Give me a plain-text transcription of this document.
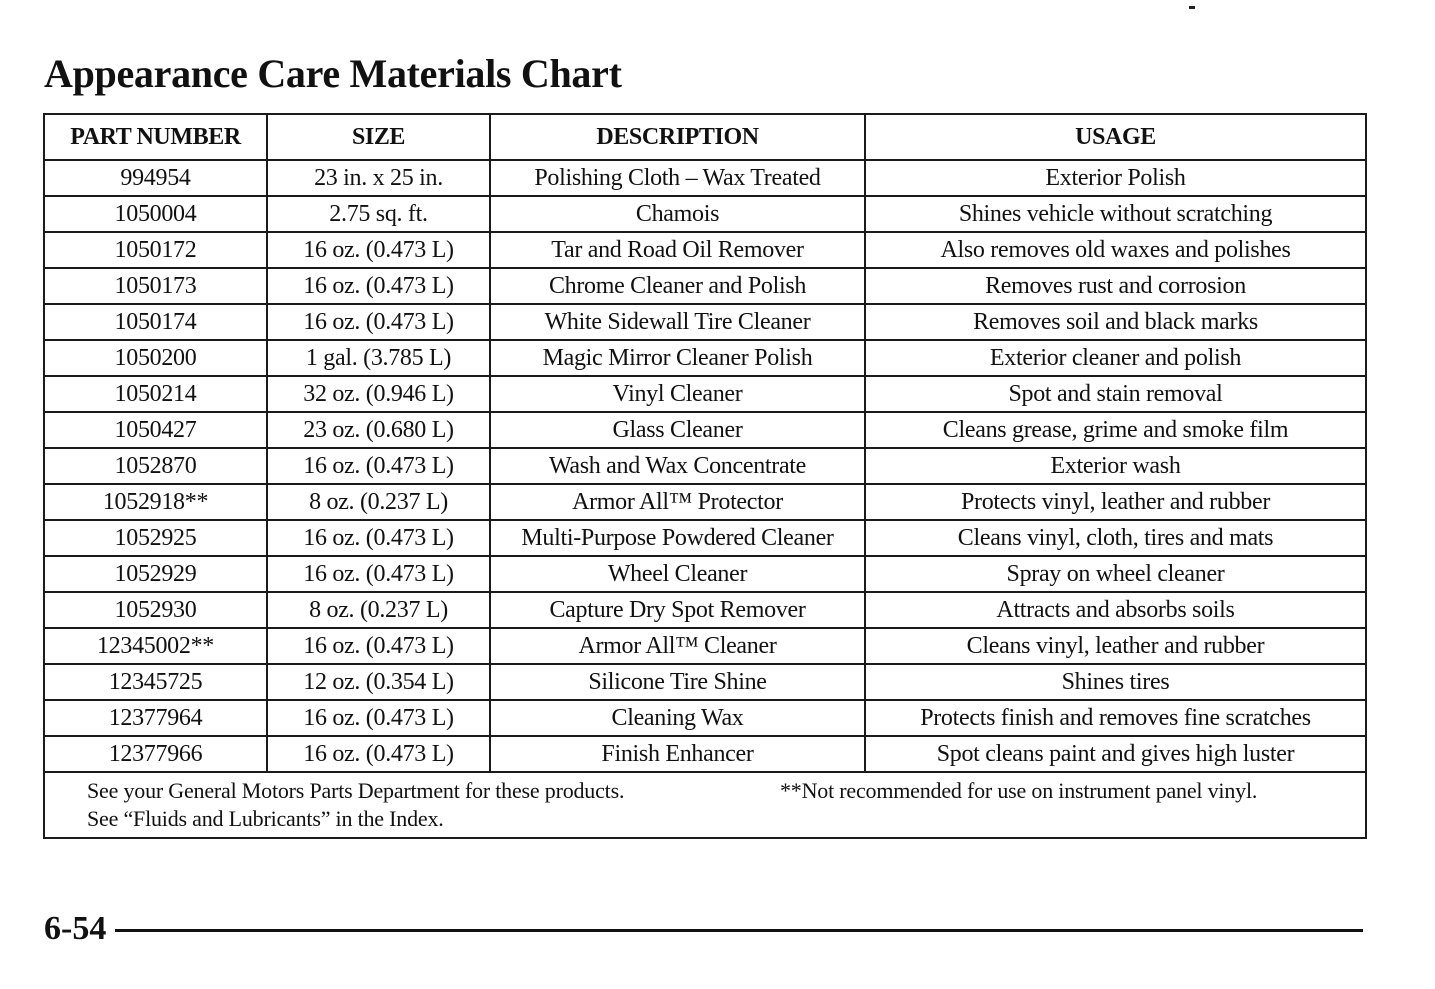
Appearance Care Materials Chart
PART NUMBER	SIZE	DESCRIPTION	USAGE
994954	23 in. x 25 in.	Polishing Cloth – Wax Treated	Exterior Polish
1050004	2.75 sq. ft.	Chamois	Shines vehicle without scratching
1050172	16 oz. (0.473 L)	Tar and Road Oil Remover	Also removes old waxes and polishes
1050173	16 oz. (0.473 L)	Chrome Cleaner and Polish	Removes rust and corrosion
1050174	16 oz. (0.473 L)	White Sidewall Tire Cleaner	Removes soil and black marks
1050200	1 gal. (3.785 L)	Magic Mirror Cleaner Polish	Exterior cleaner and polish
1050214	32 oz. (0.946 L)	Vinyl Cleaner	Spot and stain removal
1050427	23 oz. (0.680 L)	Glass Cleaner	Cleans grease, grime and smoke film
1052870	16 oz. (0.473 L)	Wash and Wax Concentrate	Exterior wash
1052918**	8 oz. (0.237 L)	Armor All™ Protector	Protects vinyl, leather and rubber
1052925	16 oz. (0.473 L)	Multi-Purpose Powdered Cleaner	Cleans vinyl, cloth, tires and mats
1052929	16 oz. (0.473 L)	Wheel Cleaner	Spray on wheel cleaner
1052930	8 oz. (0.237 L)	Capture Dry Spot Remover	Attracts and absorbs soils
12345002**	16 oz. (0.473 L)	Armor All™ Cleaner	Cleans vinyl, leather and rubber
12345725	12 oz. (0.354 L)	Silicone Tire Shine	Shines tires
12377964	16 oz. (0.473 L)	Cleaning Wax	Protects finish and removes fine scratches
12377966	16 oz. (0.473 L)	Finish Enhancer	Spot cleans paint and gives high luster

See your General Motors Parts Department for these products.
See “Fluids and Lubricants” in the Index.
**Not recommended for use on instrument panel vinyl.			
6-54
